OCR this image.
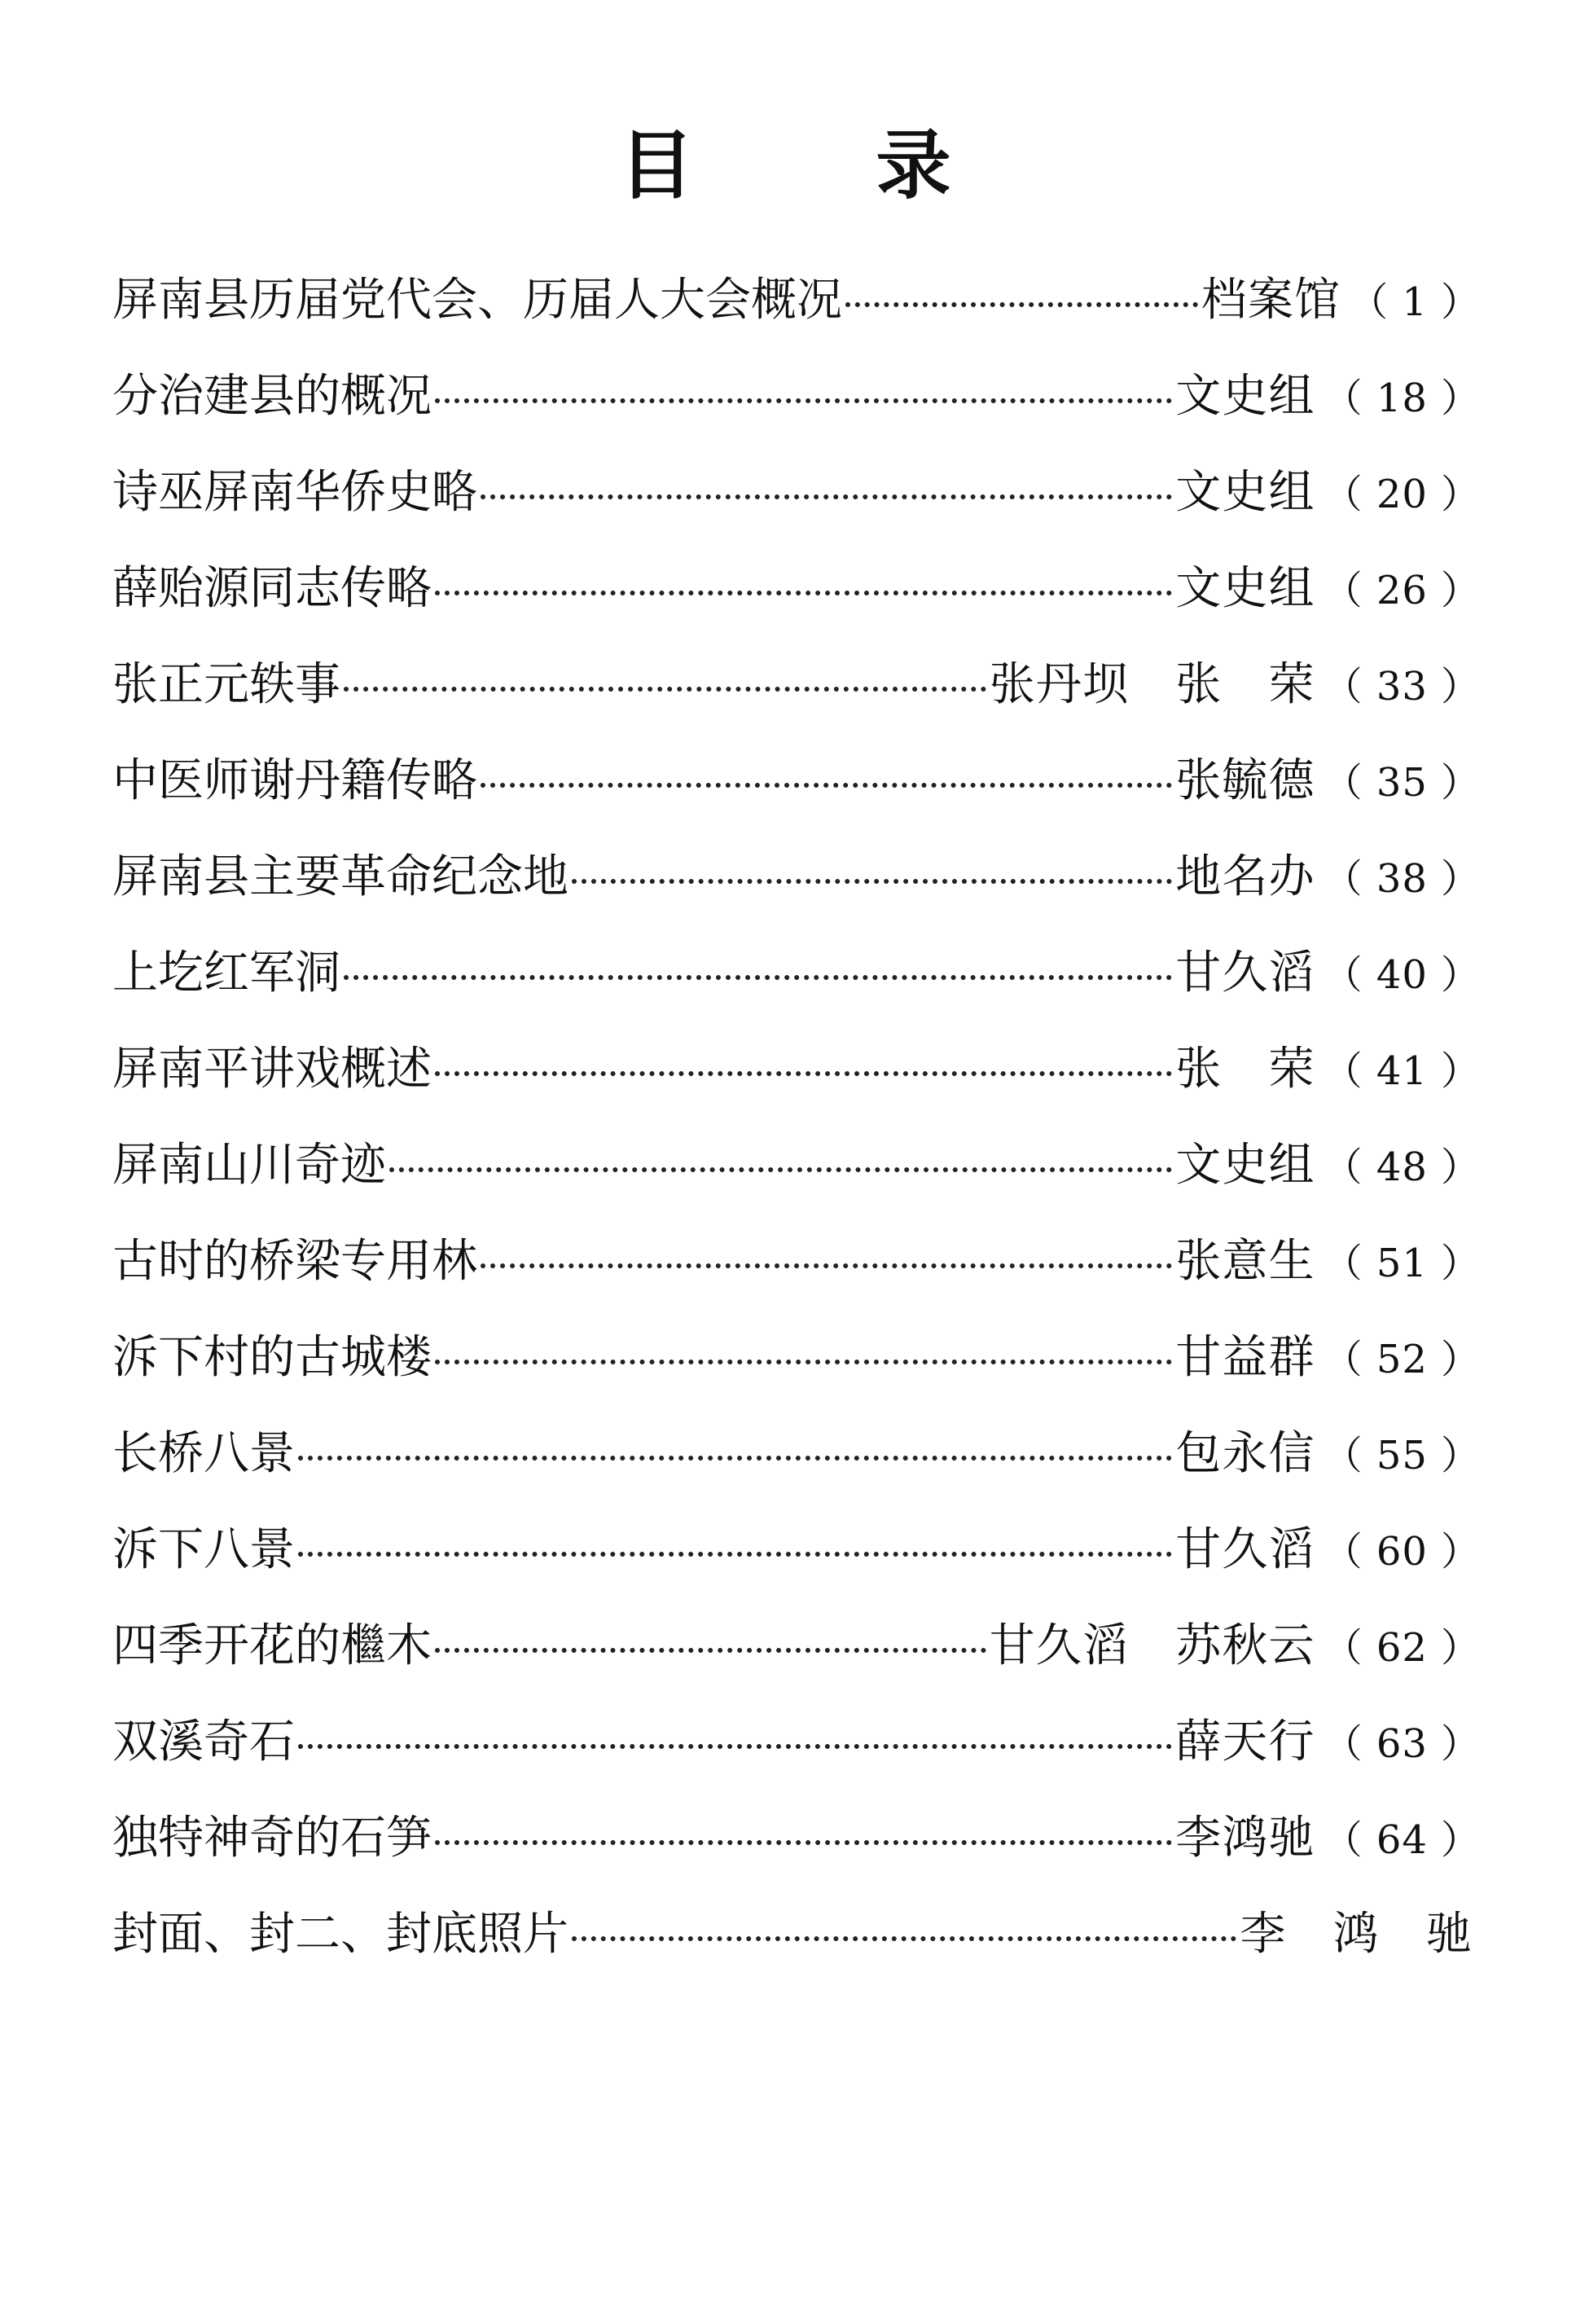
目 录
屏南县历届党代会、历届人大会概况	档案馆 （ 1 ）
分治建县的概况	文史组 （ 18 ）
诗巫屏南华侨史略	文史组 （ 20 ）
薛贻源同志传略	文史组 （ 26 ）
张正元轶事	张丹坝　张　荣 （ 33 ）
中医师谢丹籍传略	张毓德 （ 35 ）
屏南县主要革命纪念地	地名办 （ 38 ）
上圪红军洞	甘久滔 （ 40 ）
屏南平讲戏概述	张　荣 （ 41 ）
屏南山川奇迹	文史组 （ 48 ）
古时的桥梁专用林	张意生 （ 51 ）
泝下村的古城楼	甘益群 （ 52 ）
长桥八景	包永信 （ 55 ）
泝下八景	甘久滔 （ 60 ）
四季开花的檵木	甘久滔　苏秋云 （ 62 ）
双溪奇石	薛天行 （ 63 ）
独特神奇的石笋	李鸿驰 （ 64 ）
封面、封二、封底照片	李　鸿　驰
